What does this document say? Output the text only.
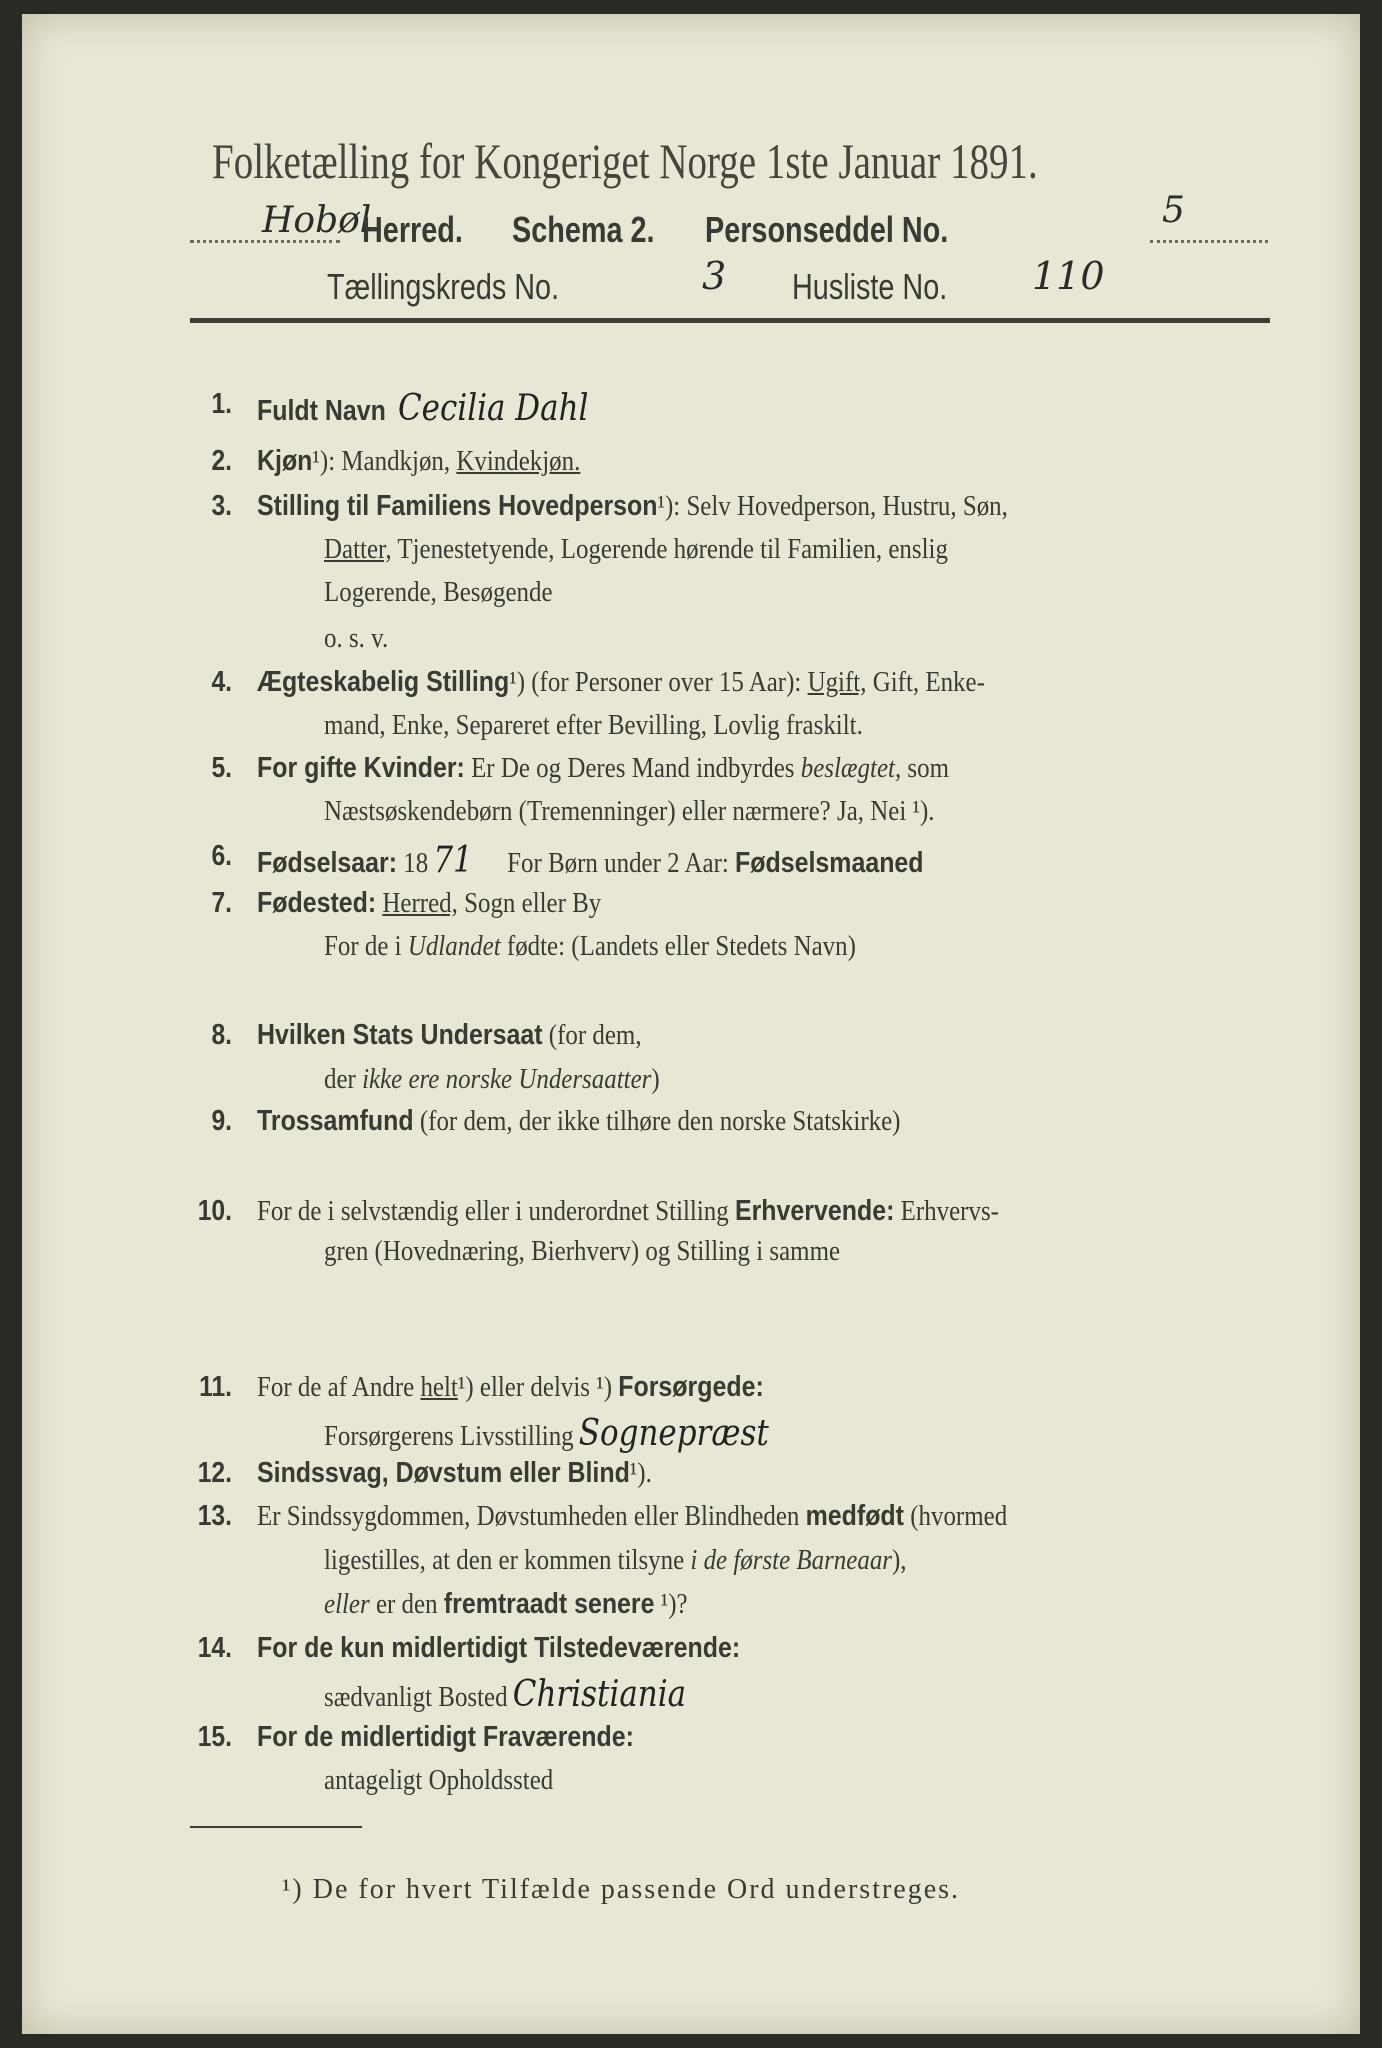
Folketælling for Kongeriget Norge 1ste Januar 1891.
Hobøl
Herred. Schema 2. Personseddel No.	5
Tællingskreds No.	3 Husliste No. 110
1. Fuldt Navn Cecilia Dahl
2. Kjøn¹): Mandkjøn, Kvindekjøn.
3. Stilling til Familiens Hovedperson¹): Selv Hovedperson, Hustru, Søn,
Datter, Tjenestetyende, Logerende hørende til Familien, enslig
Logerende, Besøgende
o. s. v.
4. Ægteskabelig Stilling¹) (for Personer over 15 Aar): Ugift, Gift, Enke-
mand, Enke, Separeret efter Bevilling, Lovlig fraskilt.
5. For gifte Kvinder: Er De og Deres Mand indbyrdes beslægtet, som
Næstsøskendebørn (Tremenninger) eller nærmere? Ja, Nei ¹).
6. Fødselsaar: 18 71 For Børn under 2 Aar: Fødselsmaaned
7. Fødested: Herred, Sogn eller By
For de i Udlandet fødte: (Landets eller Stedets Navn)
8. Hvilken Stats Undersaat (for dem,
der ikke ere norske Undersaatter)
9. Trossamfund (for dem, der ikke tilhøre den norske Statskirke)
10. For de i selvstændig eller i underordnet Stilling Erhvervende: Erhvervs-
gren (Hovednæring, Bierhverv) og Stilling i samme
11. For de af Andre helt¹) eller delvis ¹) Forsørgede:
Forsørgerens Livsstilling Sognepræst
12. Sindssvag, Døvstum eller Blind¹).
13. Er Sindssygdommen, Døvstumheden eller Blindheden medfødt (hvormed
ligestilles, at den er kommen tilsyne i de første Barneaar),
eller er den fremtraadt senere ¹)?
14. For de kun midlertidigt Tilstedeværende:
sædvanligt Bosted Christiania
15. For de midlertidigt Fraværende:
antageligt Opholdssted
¹) De for hvert Tilfælde passende Ord understreges.
